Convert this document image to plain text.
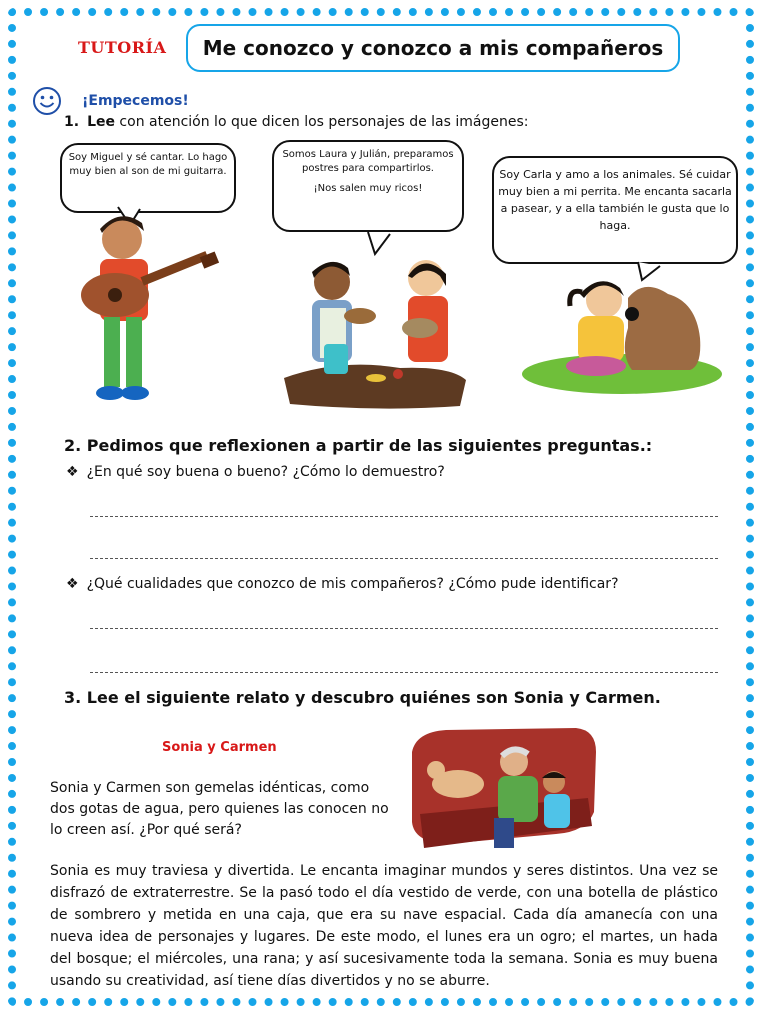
TUTORÍA	Me conozco y conozco a mis compañeros
¡Empecemos!
1. Lee con atención lo que dicen los personajes de las imágenes:
Soy Miguel y sé cantar. Lo hago muy bien al son de mi guitarra.
Somos Laura y Julián, preparamos postres para compartirlos.
¡Nos salen muy ricos!
Soy Carla y amo a los animales. Sé cuidar muy bien a mi perrita. Me encanta sacarla a pasear, y a ella también le gusta que lo haga.
2. Pedimos que reflexionen a partir de las siguientes preguntas.:
❖ ¿En qué soy buena o bueno? ¿Cómo lo demuestro?
❖ ¿Qué cualidades que conozco de mis compañeros? ¿Cómo pude identificar?
3. Lee el siguiente relato y descubro quiénes son Sonia y Carmen.
Sonia y Carmen
Sonia y Carmen son gemelas idénticas, como dos gotas de agua, pero quienes las conocen no lo creen así. ¿Por qué será?
Sonia es muy traviesa y divertida. Le encanta imaginar mundos y seres distintos. Una vez se disfrazó de extraterrestre. Se la pasó todo el día vestido de verde, con una botella de plástico de sombrero y metida en una caja, que era su nave espacial. Cada día amanecía con una nueva idea de personajes y lugares. De este modo, el lunes era un ogro; el martes, un hada del bosque; el miércoles, una rana; y así sucesivamente toda la semana. Sonia es muy buena usando su creatividad, así tiene días divertidos y no se aburre.
